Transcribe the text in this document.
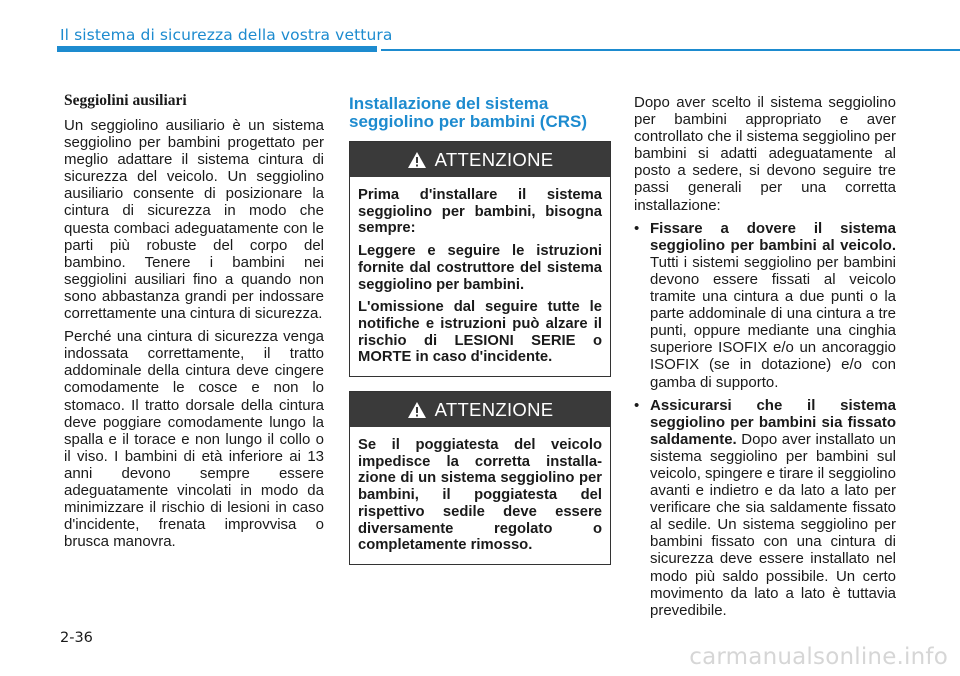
Il sistema di sicurezza della vostra vettura
Seggiolini ausiliari

Un seggiolino ausiliario è un sistema seggiolino per bambini progettato per meglio adattare il sistema cintura di sicurezza del veicolo. Un seggiolino ausiliario consente di posizionare la cintura di sicurezza in modo che questa combaci adeguatamente con le parti più robuste del corpo del bambino. Tenere i bambini nei seggiolini ausiliari fino a quando non sono abbastanza grandi per indossare correttamente una cintura di sicurezza.

Perché una cintura di sicurezza venga indossata correttamente, il tratto addominale della cintura deve cingere comodamente le cosce e non lo stomaco. Il tratto dorsale della cintura deve poggiare comodamente lungo la spalla e il torace e non lungo il collo o il viso. I bambini di età inferiore ai 13 anni devono sempre essere adeguatamente vincolati in modo da minimizzare il rischio di lesioni in caso d'incidente, frenata improvvisa o brusca manovra.

Installazione del sistema seggiolino per bambini (CRS)
ATTENZIONE

Prima d'installare il sistema seggiolino per bambini, bisogna sempre:

Leggere e seguire le istruzioni fornite dal costruttore del sistema seggiolino per bambini.

L'omissione dal seguire tutte le notifiche e istruzioni può alzare il rischio di LESIONI SERIE o MORTE in caso d'incidente.

ATTENZIONE

Se il poggiatesta del veicolo impedisce la corretta installa-zione di un sistema seggiolino per bambini, il poggiatesta del rispettivo sedile deve essere diversamente regolato o completamente rimosso.

Dopo aver scelto il sistema seggiolino per bambini appropriato e aver controllato che il sistema seggiolino per bambini si adatti adeguatamente al posto a sedere, si devono seguire tre passi generali per una corretta installazione:

• Fissare a dovere il sistema seggiolino per bambini al veicolo. Tutti i sistemi seggiolino per bambini devono essere fissati al veicolo tramite una cintura a due punti o la parte addominale di una cintura a tre punti, oppure mediante una cinghia superiore ISOFIX e/o un ancoraggio ISOFIX (se in dotazione) e/o con gamba di supporto.
• Assicurarsi che il sistema seggiolino per bambini sia fissato saldamente. Dopo aver installato un sistema seggiolino per bambini sul veicolo, spingere e tirare il seggiolino avanti e indietro e da lato a lato per verificare che sia saldamente fissato al sedile. Un sistema seggiolino per bambini fissato con una cintura di sicurezza deve essere installato nel modo più saldo possibile. Un certo movimento da lato a lato è tuttavia prevedibile.
2-36
carmanualsonline.info
